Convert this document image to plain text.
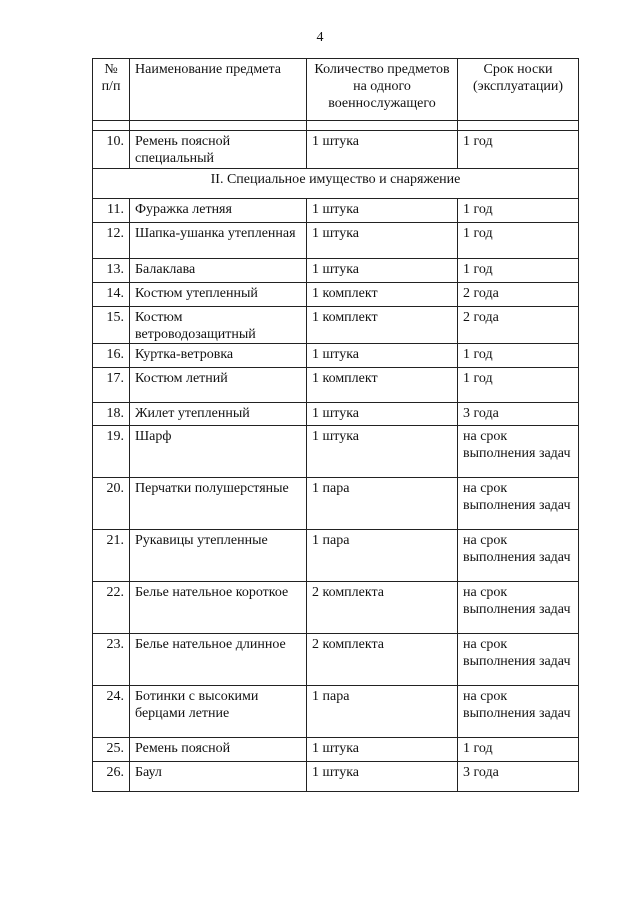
4
№ п/п	Наименование предмета	Количество предметов на одного военнослужащего	Срок носки (эксплуатации)

10.	Ремень поясной специальный	1 штука	1 год
II. Специальное имущество и снаряжение			
11.	Фуражка летняя	1 штука	1 год
12.	Шапка-ушанка утепленная	1 штука	1 год
13.	Балаклава	1 штука	1 год
14.	Костюм утепленный	1 комплект	2 года
15.	Костюм ветроводозащитный	1 комплект	2 года
16.	Куртка-ветровка	1 штука	1 год
17.	Костюм летний	1 комплект	1 год
18.	Жилет утепленный	1 штука	3 года
19.	Шарф	1 штука	на срок выполнения задач
20.	Перчатки полушерстяные	1 пара	на срок выполнения задач
21.	Рукавицы утепленные	1 пара	на срок выполнения задач
22.	Белье нательное короткое	2 комплекта	на срок выполнения задач
23.	Белье нательное длинное	2 комплекта	на срок выполнения задач
24.	Ботинки с высокими берцами летние	1 пара	на срок выполнения задач
25.	Ремень поясной	1 штука	1 год
26.	Баул	1 штука	3 года
